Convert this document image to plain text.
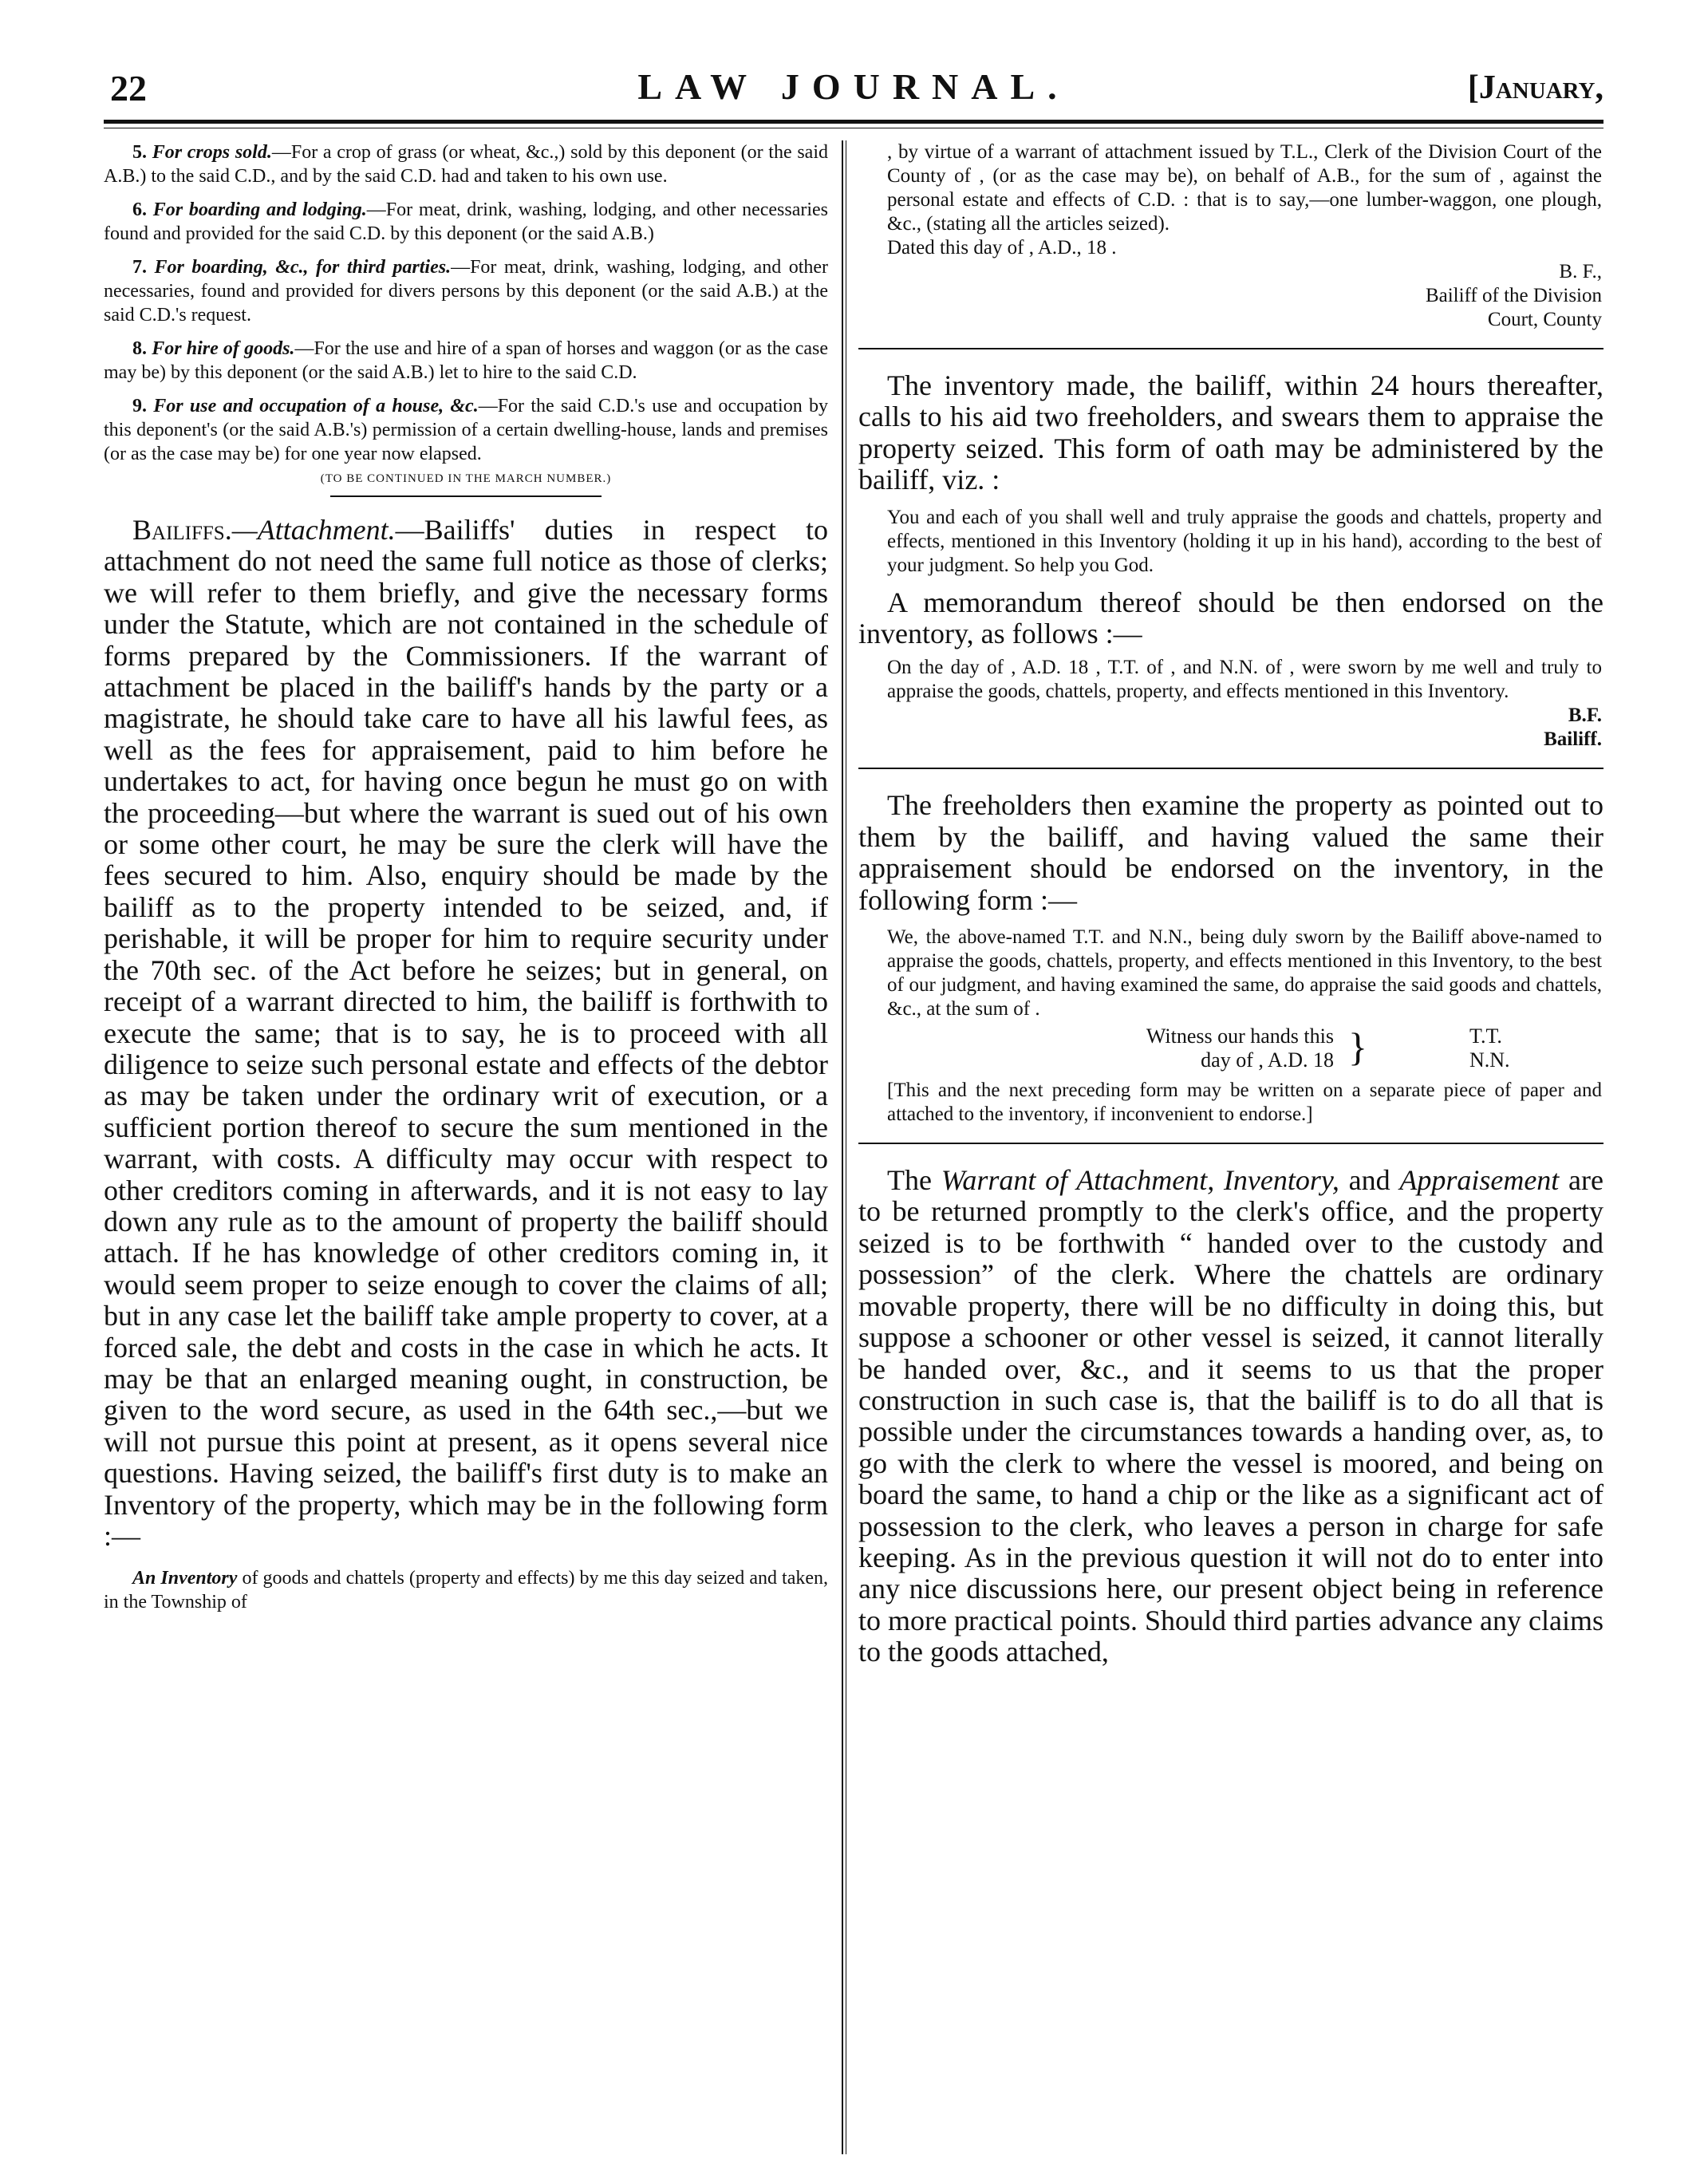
22	LAW JOURNAL.	[January,

5. For crops sold.—For a crop of grass (or wheat, &c.,) sold by this deponent (or the said A.B.) to the said C.D., and by the said C.D. had and taken to his own use.

6. For boarding and lodging.—For meat, drink, washing, lodging, and other necessaries found and provided for the said C.D. by this deponent (or the said A.B.)

7. For boarding, &c., for third parties.—For meat, drink, washing, lodging, and other necessaries, found and provided for divers persons by this deponent (or the said A.B.) at the said C.D.'s request.

8. For hire of goods.—For the use and hire of a span of horses and waggon (or as the case may be) by this deponent (or the said A.B.) let to hire to the said C.D.

9. For use and occupation of a house, &c.—For the said C.D.'s use and occupation by this deponent's (or the said A.B.'s) permission of a certain dwelling-house, lands and premises (or as the case may be) for one year now elapsed.

(TO BE CONTINUED IN THE MARCH NUMBER.)

Bailiffs.—Attachment.—Bailiffs' duties in respect to attachment do not need the same full notice as those of clerks; we will refer to them briefly, and give the necessary forms under the Statute, which are not contained in the schedule of forms prepared by the Commissioners. If the warrant of attachment be placed in the bailiff's hands by the party or a magistrate, he should take care to have all his lawful fees, as well as the fees for appraisement, paid to him before he undertakes to act, for having once begun he must go on with the proceeding—but where the warrant is sued out of his own or some other court, he may be sure the clerk will have the fees secured to him. Also, enquiry should be made by the bailiff as to the property intended to be seized, and, if perishable, it will be proper for him to require security under the 70th sec. of the Act before he seizes; but in general, on receipt of a warrant directed to him, the bailiff is forthwith to execute the same; that is to say, he is to proceed with all diligence to seize such personal estate and effects of the debtor as may be taken under the ordinary writ of execution, or a sufficient portion thereof to secure the sum mentioned in the warrant, with costs. A difficulty may occur with respect to other creditors coming in afterwards, and it is not easy to lay down any rule as to the amount of property the bailiff should attach. If he has knowledge of other creditors coming in, it would seem proper to seize enough to cover the claims of all; but in any case let the bailiff take ample property to cover, at a forced sale, the debt and costs in the case in which he acts. It may be that an enlarged meaning ought, in construction, be given to the word secure, as used in the 64th sec.,—but we will not pursue this point at present, as it opens several nice questions. Having seized, the bailiff's first duty is to make an Inventory of the property, which may be in the following form :—

An Inventory of goods and chattels (property and effects) by me this day seized and taken, in the Township of

, by virtue of a warrant of attachment issued by T.L., Clerk of the Division Court of the County of , (or as the case may be), on behalf of A.B., for the sum of , against the personal estate and effects of C.D. : that is to say,—one lumber-waggon, one plough, &c., (stating all the articles seized).

Dated this day of , A.D., 18 .

B. F.,

Bailiff of the Division

Court, County

The inventory made, the bailiff, within 24 hours thereafter, calls to his aid two freeholders, and swears them to appraise the property seized. This form of oath may be administered by the bailiff, viz. :

You and each of you shall well and truly appraise the goods and chattels, property and effects, mentioned in this Inventory (holding it up in his hand), according to the best of your judgment. So help you God.

A memorandum thereof should be then endorsed on the inventory, as follows :—

On the day of , A.D. 18 , T.T. of , and N.N. of , were sworn by me well and truly to appraise the goods, chattels, property, and effects mentioned in this Inventory.

B.F.

Bailiff.

The freeholders then examine the property as pointed out to them by the bailiff, and having valued the same their appraisement should be endorsed on the inventory, in the following form :—

We, the above-named T.T. and N.N., being duly sworn by the Bailiff above-named to appraise the goods, chattels, property, and effects mentioned in this Inventory, to the best of our judgment, and having examined the same, do appraise the said goods and chattels, &c., at the sum of .

Witness our hands this
day of , A.D. 18 }	T.T.
N.N.

[This and the next preceding form may be written on a separate piece of paper and attached to the inventory, if inconvenient to endorse.]

The Warrant of Attachment, Inventory, and Appraisement are to be returned promptly to the clerk's office, and the property seized is to be forthwith “ handed over to the custody and possession” of the clerk. Where the chattels are ordinary movable property, there will be no difficulty in doing this, but suppose a schooner or other vessel is seized, it cannot literally be handed over, &c., and it seems to us that the proper construction in such case is, that the bailiff is to do all that is possible under the circumstances towards a handing over, as, to go with the clerk to where the vessel is moored, and being on board the same, to hand a chip or the like as a significant act of possession to the clerk, who leaves a person in charge for safe keeping. As in the previous question it will not do to enter into any nice discussions here, our present object being in reference to more practical points. Should third parties advance any claims to the goods attached,
